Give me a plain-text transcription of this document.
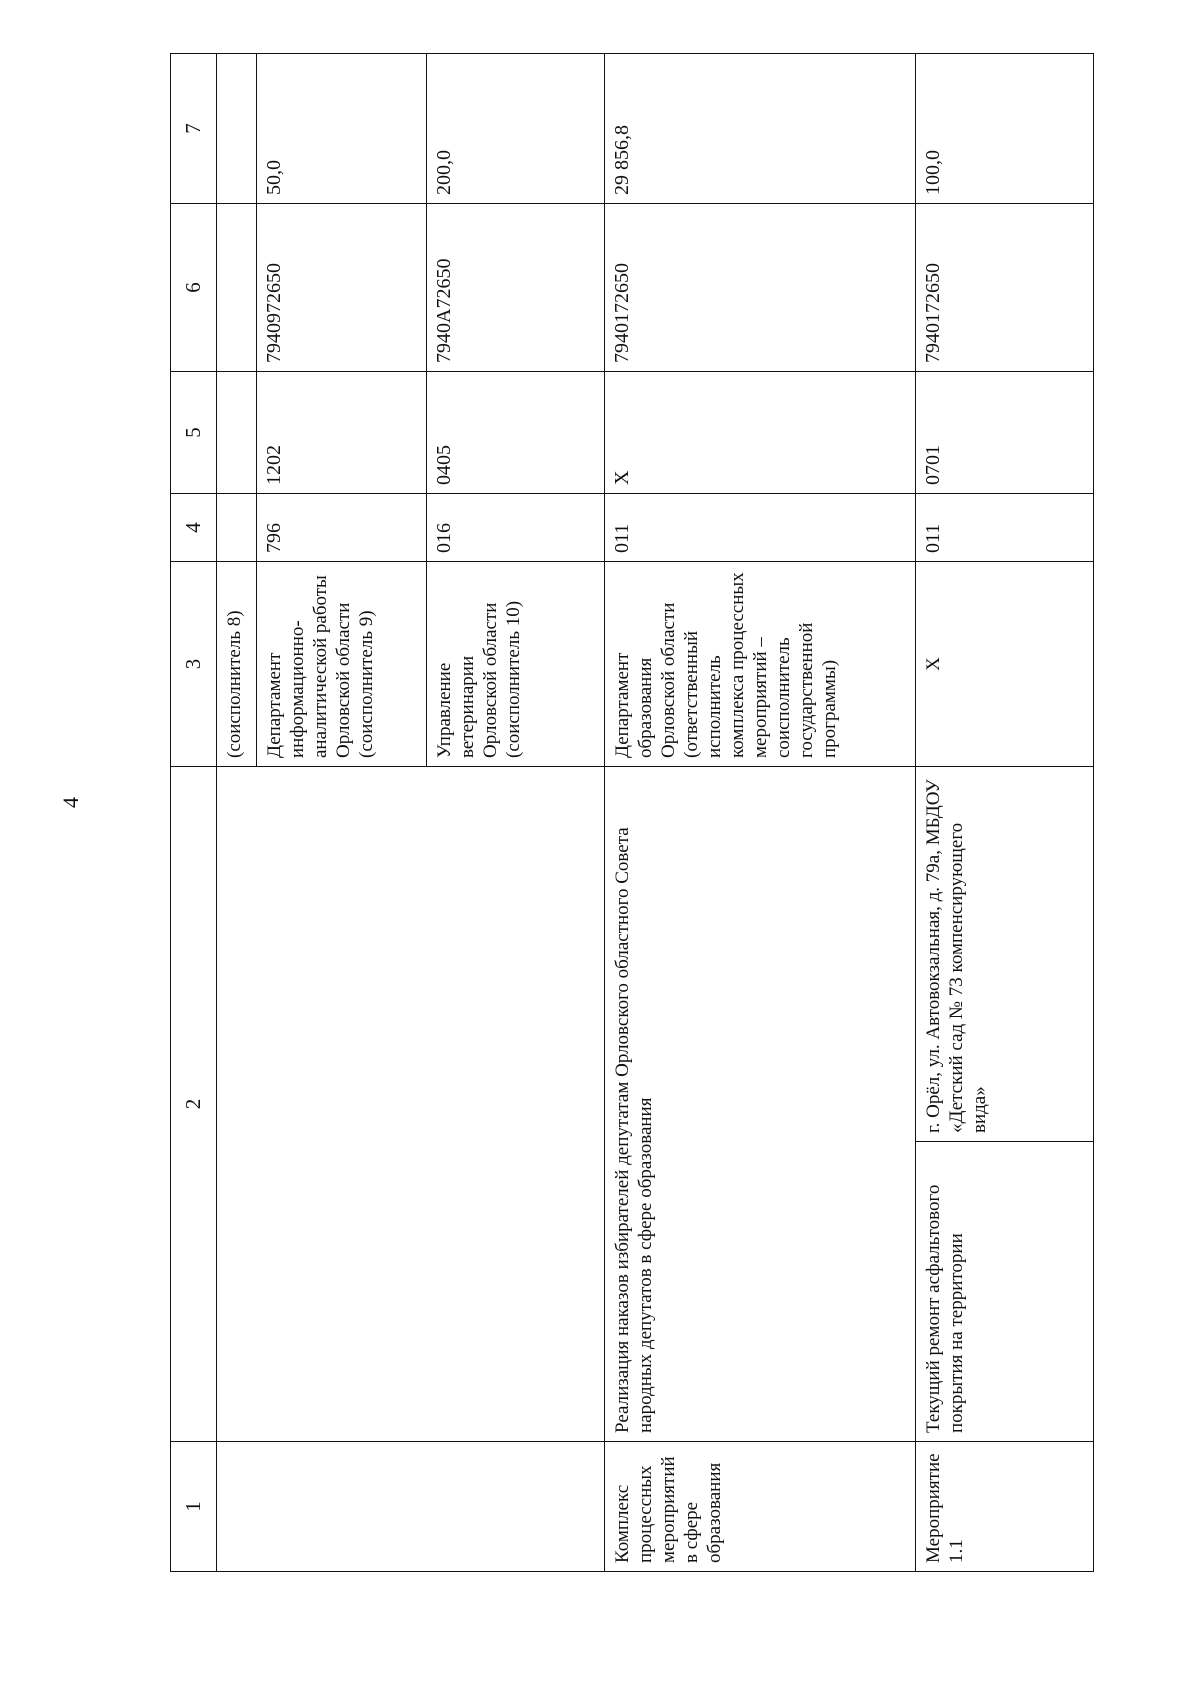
4
1	2		3	4	5	6	7
			(соисполнитель 8)				
			Департамент информационно-аналитической работы Орловской области (соисполнитель 9)	796	1202	7940972650	50,0
			Управление ветеринарии Орловской области (соисполнитель 10)	016	0405	7940А72650	200,0
Комплекс процессных мероприятий в сфере образования	Реализация наказов избирателей депутатам Орловского областного Совета народных депутатов в сфере образования		Департамент образования Орловской области (ответственный исполнитель комплекса процессных мероприятий – соисполнитель государственной программы)	011	Х	7940172650	29 856,8
Мероприятие 1.1	Текущий ремонт асфальтового покрытия на территории	г. Орёл, ул. Автовокзальная, д. 79а, МБДОУ «Детский сад № 73 компенсирующего вида»	Х	011	0701	7940172650	100,0
